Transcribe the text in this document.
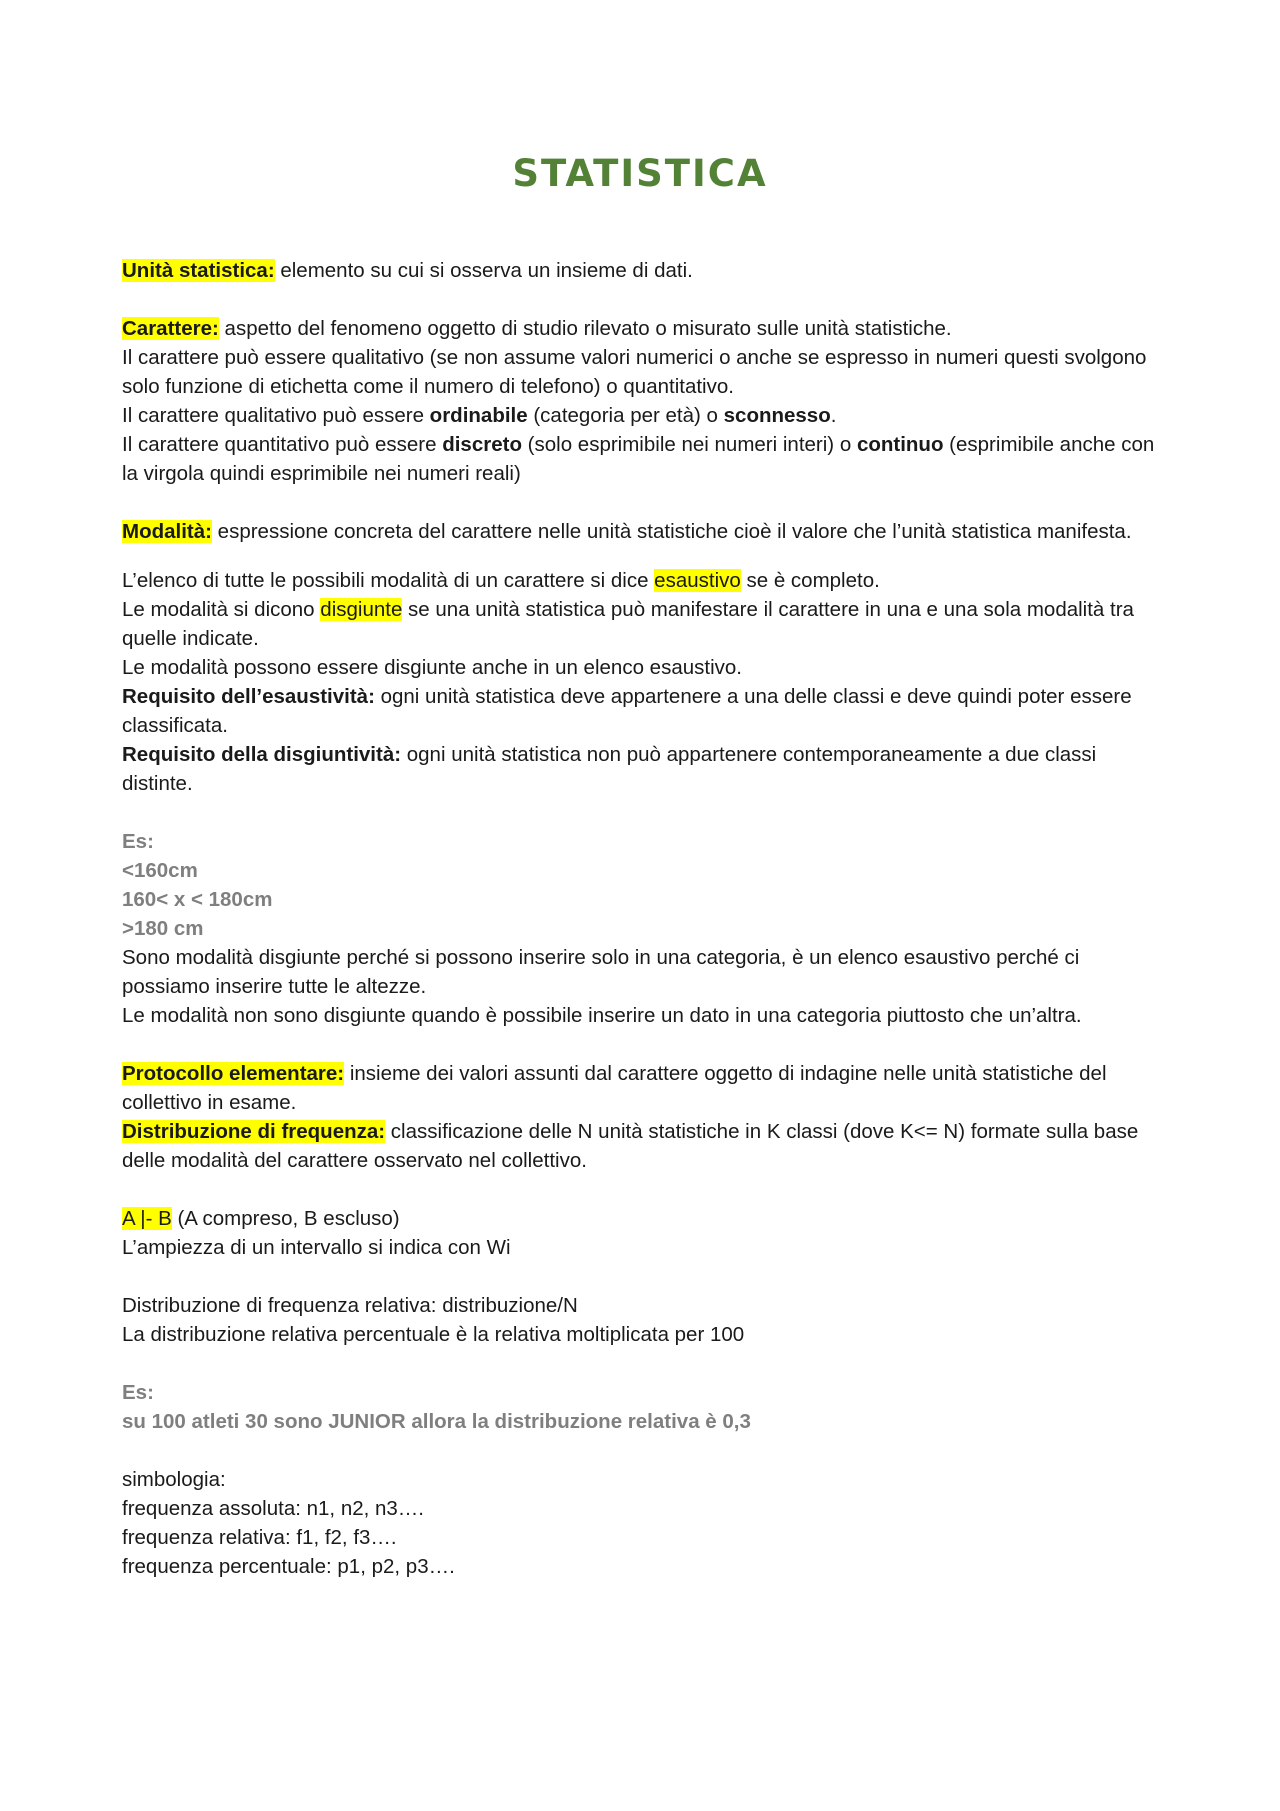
STATISTICA

Unità statistica: elemento su cui si osserva un insieme di dati.

Carattere: aspetto del fenomeno oggetto di studio rilevato o misurato sulle unità statistiche.

Il carattere può essere qualitativo (se non assume valori numerici o anche se espresso in numeri questi svolgono solo funzione di etichetta come il numero di telefono) o quantitativo.

Il carattere qualitativo può essere ordinabile (categoria per età) o sconnesso.

Il carattere quantitativo può essere discreto (solo esprimibile nei numeri interi) o continuo (esprimibile anche con la virgola quindi esprimibile nei numeri reali)

Modalità: espressione concreta del carattere nelle unità statistiche cioè il valore che l’unità statistica manifesta.

L’elenco di tutte le possibili modalità di un carattere si dice esaustivo se è completo.

Le modalità si dicono disgiunte se una unità statistica può manifestare il carattere in una e una sola modalità tra quelle indicate.

Le modalità possono essere disgiunte anche in un elenco esaustivo.

Requisito dell’esaustività: ogni unità statistica deve appartenere a una delle classi e deve quindi poter essere classificata.

Requisito della disgiuntività: ogni unità statistica non può appartenere contemporaneamente a due classi distinte.

Es:

<160cm

160< x < 180cm

>180 cm

Sono modalità disgiunte perché si possono inserire solo in una categoria, è un elenco esaustivo perché ci possiamo inserire tutte le altezze.

Le modalità non sono disgiunte quando è possibile inserire un dato in una categoria piuttosto che un’altra.

Protocollo elementare: insieme dei valori assunti dal carattere oggetto di indagine nelle unità statistiche del collettivo in esame.

Distribuzione di frequenza: classificazione delle N unità statistiche in K classi (dove K<= N) formate sulla base delle modalità del carattere osservato nel collettivo.

A |- B (A compreso, B escluso)

L’ampiezza di un intervallo si indica con Wi

Distribuzione di frequenza relativa: distribuzione/N

La distribuzione relativa percentuale è la relativa moltiplicata per 100

Es:

su 100 atleti 30 sono JUNIOR allora la distribuzione relativa è 0,3

simbologia:

frequenza assoluta: n1, n2, n3….

frequenza relativa: f1, f2, f3….

frequenza percentuale: p1, p2, p3….
